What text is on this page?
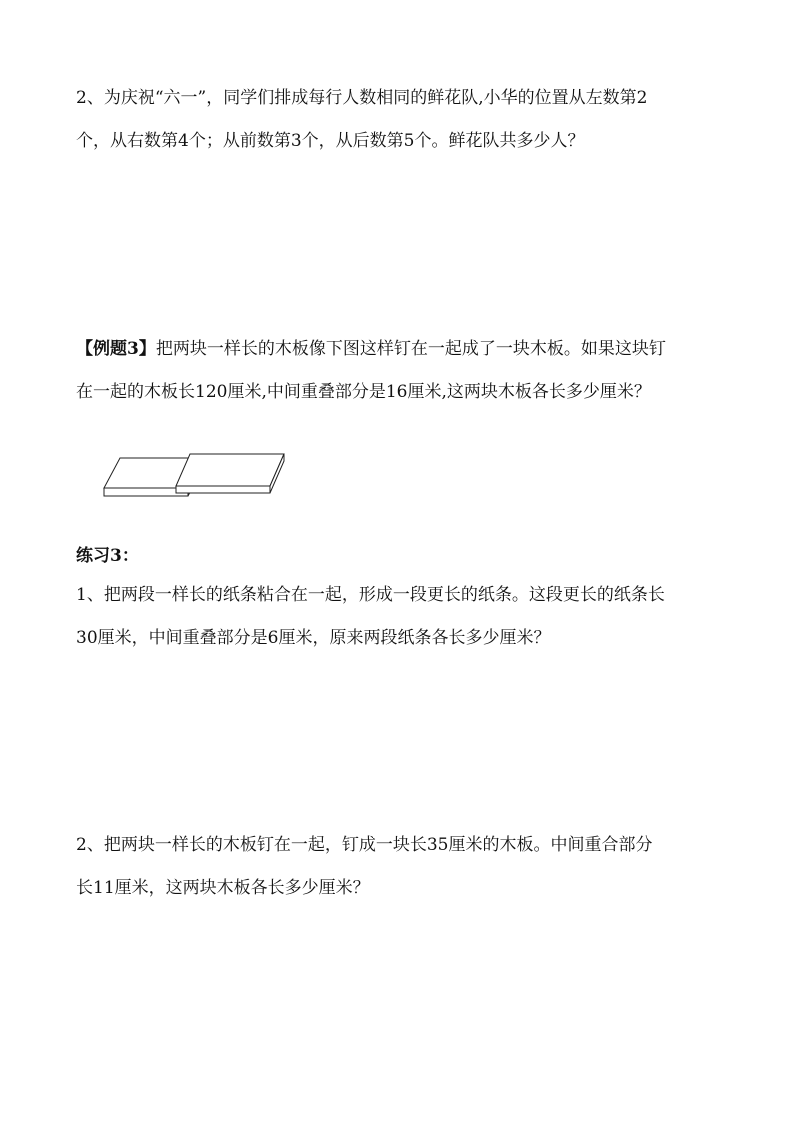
2、为庆祝“六一”，同学们排成每行人数相同的鲜花队,小华的位置从左数第2
个，从右数第4个；从前数第3个，从后数第5个。鲜花队共多少人？
【例题3】把两块一样长的木板像下图这样钉在一起成了一块木板。如果这块钉
在一起的木板长120厘米,中间重叠部分是16厘米,这两块木板各长多少厘米？
练习3：
1、把两段一样长的纸条粘合在一起，形成一段更长的纸条。这段更长的纸条长
30厘米，中间重叠部分是6厘米，原来两段纸条各长多少厘米？
2、把两块一样长的木板钉在一起，钉成一块长35厘米的木板。中间重合部分
长11厘米，这两块木板各长多少厘米？
